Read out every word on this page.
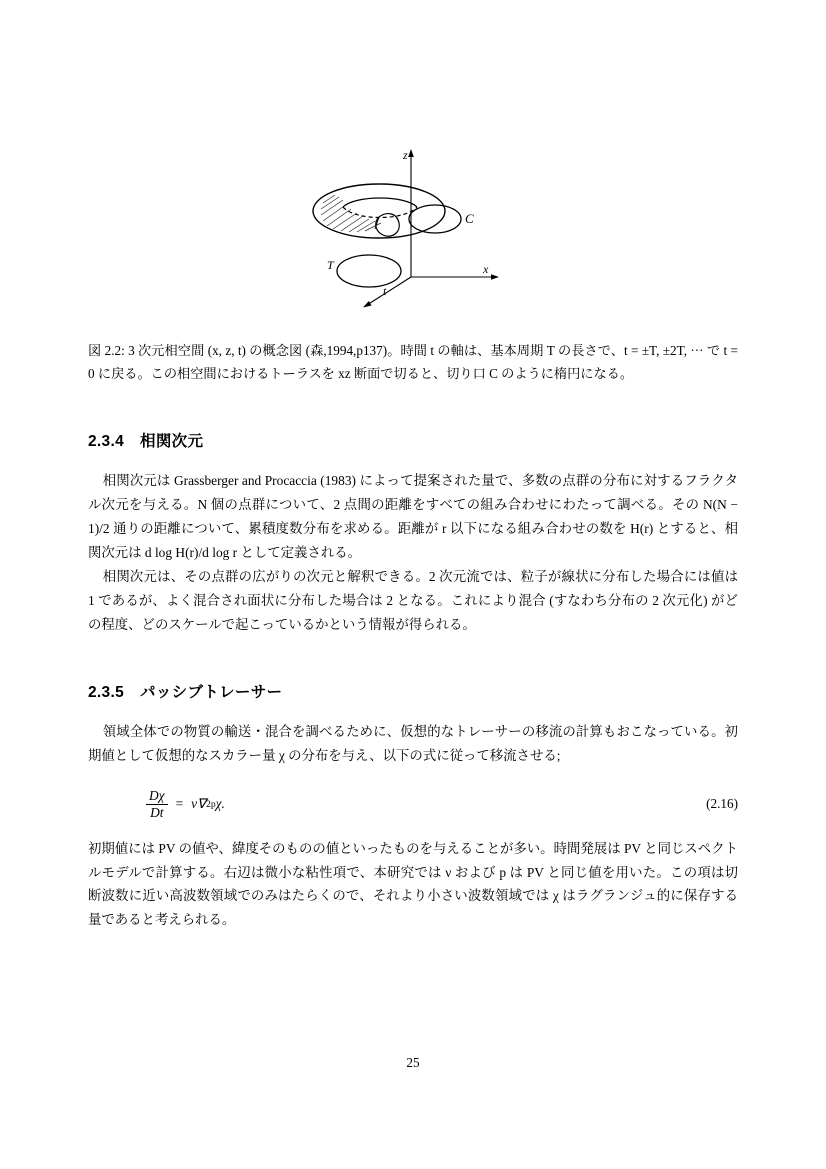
C
T
z
x
t
図 2.2: 3 次元相空間 (x, z, t) の概念図 (森,1994,p137)。時間 t の軸は、基本周期 T の長さで、t = ±T, ±2T, ··· で t = 0 に戻る。この相空間におけるトーラスを xz 断面で切ると、切り口 C のように楕円になる。
2.3.4 相関次元

相関次元は Grassberger and Procaccia (1983) によって提案された量で、多数の点群の分布に対するフラクタル次元を与える。N 個の点群について、2 点間の距離をすべての組み合わせにわたって調べる。その N(N − 1)/2 通りの距離について、累積度数分布を求める。距離が r 以下になる組み合わせの数を H(r) とすると、相関次元は d log H(r)/d log r として定義される。

相関次元は、その点群の広がりの次元と解釈できる。2 次元流では、粒子が線状に分布した場合には値は 1 であるが、よく混合され面状に分布した場合は 2 となる。これにより混合 (すなわち分布の 2 次元化) がどの程度、どのスケールで起こっているかという情報が得られる。

2.3.5 パッシブトレーサー

領域全体での物質の輸送・混合を調べるために、仮想的なトレーサーの移流の計算もおこなっている。初期値として仮想的なスカラー量 χ の分布を与え、以下の式に従って移流させる;

$\frac{D\chi}{Dt} = \nu\nabla$ 2p χ.	(2.16)

初期値には PV の値や、緯度そのものの値といったものを与えることが多い。時間発展は PV と同じスペクトルモデルで計算する。右辺は微小な粘性項で、本研究では ν および p は PV と同じ値を用いた。この項は切断波数に近い高波数領域でのみはたらくので、それより小さい波数領域では χ はラグランジュ的に保存する量であると考えられる。

25
